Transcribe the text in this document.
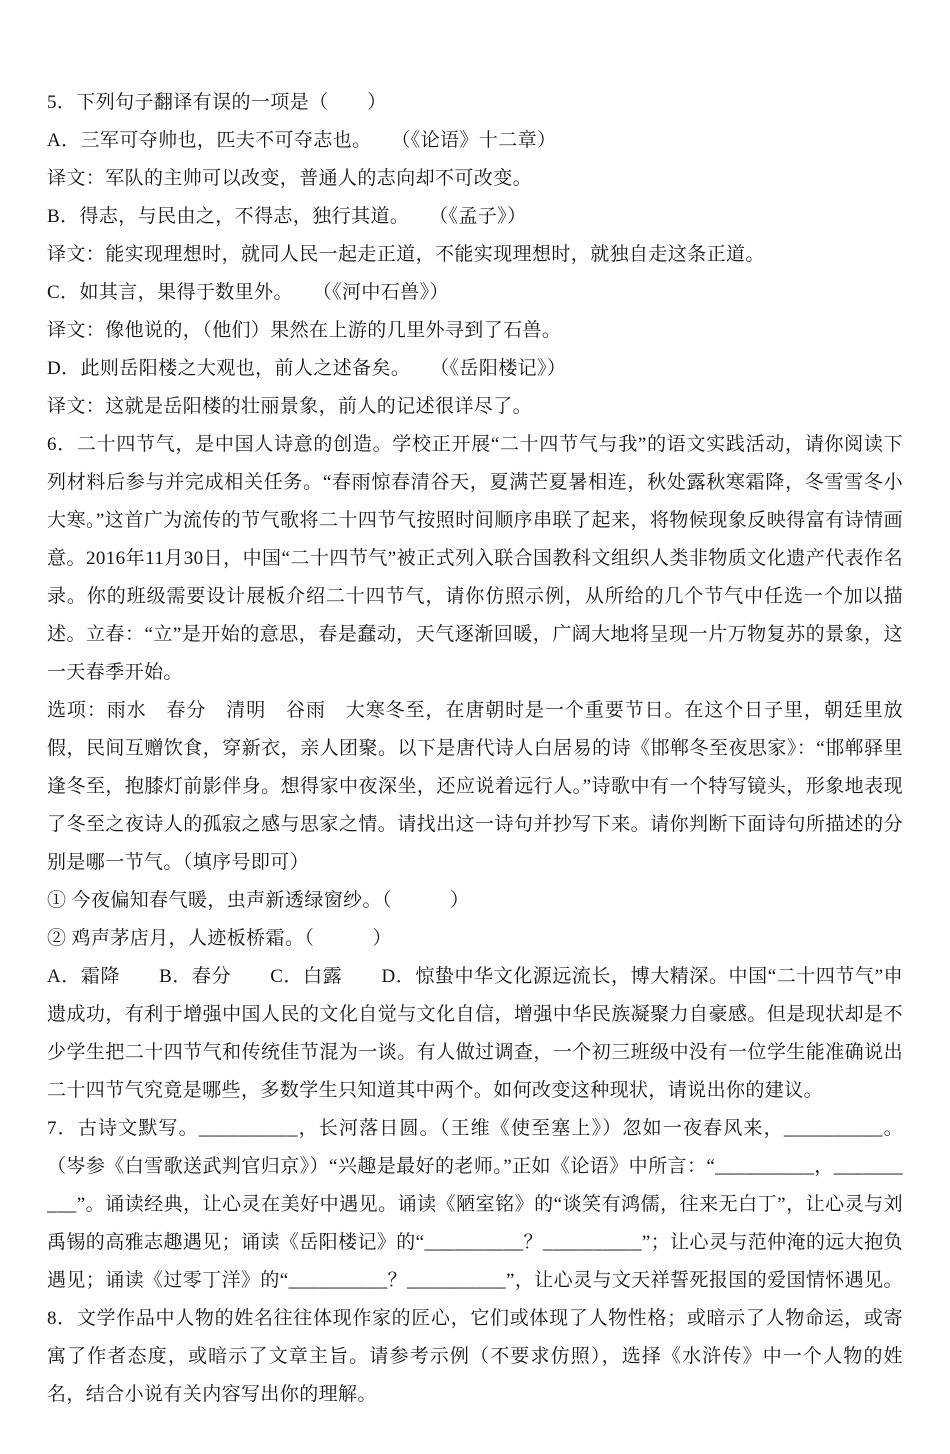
5．下列句子翻译有误的一项是（　　）

A．三军可夺帅也，匹夫不可夺志也。　　（《论语》十二章）

译文：军队的主帅可以改变，普通人的志向却不可改变。

B．得志，与民由之，不得志，独行其道。　　（《孟子》）

译文：能实现理想时，就同人民一起走正道，不能实现理想时，就独自走这条正道。

C．如其言，果得于数里外。　　（《河中石兽》）

译文：像他说的，（他们）果然在上游的几里外寻到了石兽。

D．此则岳阳楼之大观也，前人之述备矣。　　（《岳阳楼记》）

译文：这就是岳阳楼的壮丽景象，前人的记述很详尽了。

6．二十四节气，是中国人诗意的创造。学校正开展“二十四节气与我”的语文实践活动，请你阅读下列材料后参与并完成相关任务。“春雨惊春清谷天，夏满芒夏暑相连，秋处露秋寒霜降，冬雪雪冬小大寒。”这首广为流传的节气歌将二十四节气按照时间顺序串联了起来，将物候现象反映得富有诗情画意。2016年11月30日，中国“二十四节气”被正式列入联合国教科文组织人类非物质文化遗产代表作名录。你的班级需要设计展板介绍二十四节气，请你仿照示例，从所给的几个节气中任选一个加以描述。立春：“立”是开始的意思，春是蠢动，天气逐渐回暖，广阔大地将呈现一片万物复苏的景象，这一天春季开始。

选项：雨水　春分　清明　谷雨　大寒冬至，在唐朝时是一个重要节日。在这个日子里，朝廷里放假，民间互赠饮食，穿新衣，亲人团聚。以下是唐代诗人白居易的诗《邯郸冬至夜思家》：“邯郸驿里逢冬至，抱膝灯前影伴身。想得家中夜深坐，还应说着远行人。”诗歌中有一个特写镜头，形象地表现了冬至之夜诗人的孤寂之感与思家之情。请找出这一诗句并抄写下来。请你判断下面诗句所描述的分别是哪一节气。（填序号即可）

① 今夜偏知春气暖，虫声新透绿窗纱。（　　　）

② 鸡声茅店月，人迹板桥霜。（　　　）

A．霜降　　B．春分　　C．白露　　D．惊蛰中华文化源远流长，博大精深。中国“二十四节气”申遗成功，有利于增强中国人民的文化自觉与文化自信，增强中华民族凝聚力自豪感。但是现状却是不少学生把二十四节气和传统佳节混为一谈。有人做过调查，一个初三班级中没有一位学生能准确说出二十四节气究竟是哪些，多数学生只知道其中两个。如何改变这种现状，请说出你的建议。

7．古诗文默写。__________，长河落日圆。（王维《使至塞上》）忽如一夜春风来，__________。（岑参《白雪歌送武判官归京》）“兴趣是最好的老师。”正如《论语》中所言：“__________，__________”。诵读经典，让心灵在美好中遇见。诵读《陋室铭》的“谈笑有鸿儒，往来无白丁”，让心灵与刘禹锡的高雅志趣遇见；诵读《岳阳楼记》的“__________？__________”；让心灵与范仲淹的远大抱负遇见；诵读《过零丁洋》的“__________？__________”，让心灵与文天祥誓死报国的爱国情怀遇见。

8．文学作品中人物的姓名往往体现作家的匠心，它们或体现了人物性格；或暗示了人物命运，或寄寓了作者态度，或暗示了文章主旨。请参考示例（不要求仿照），选择《水浒传》中一个人物的姓名，结合小说有关内容写出你的理解。
